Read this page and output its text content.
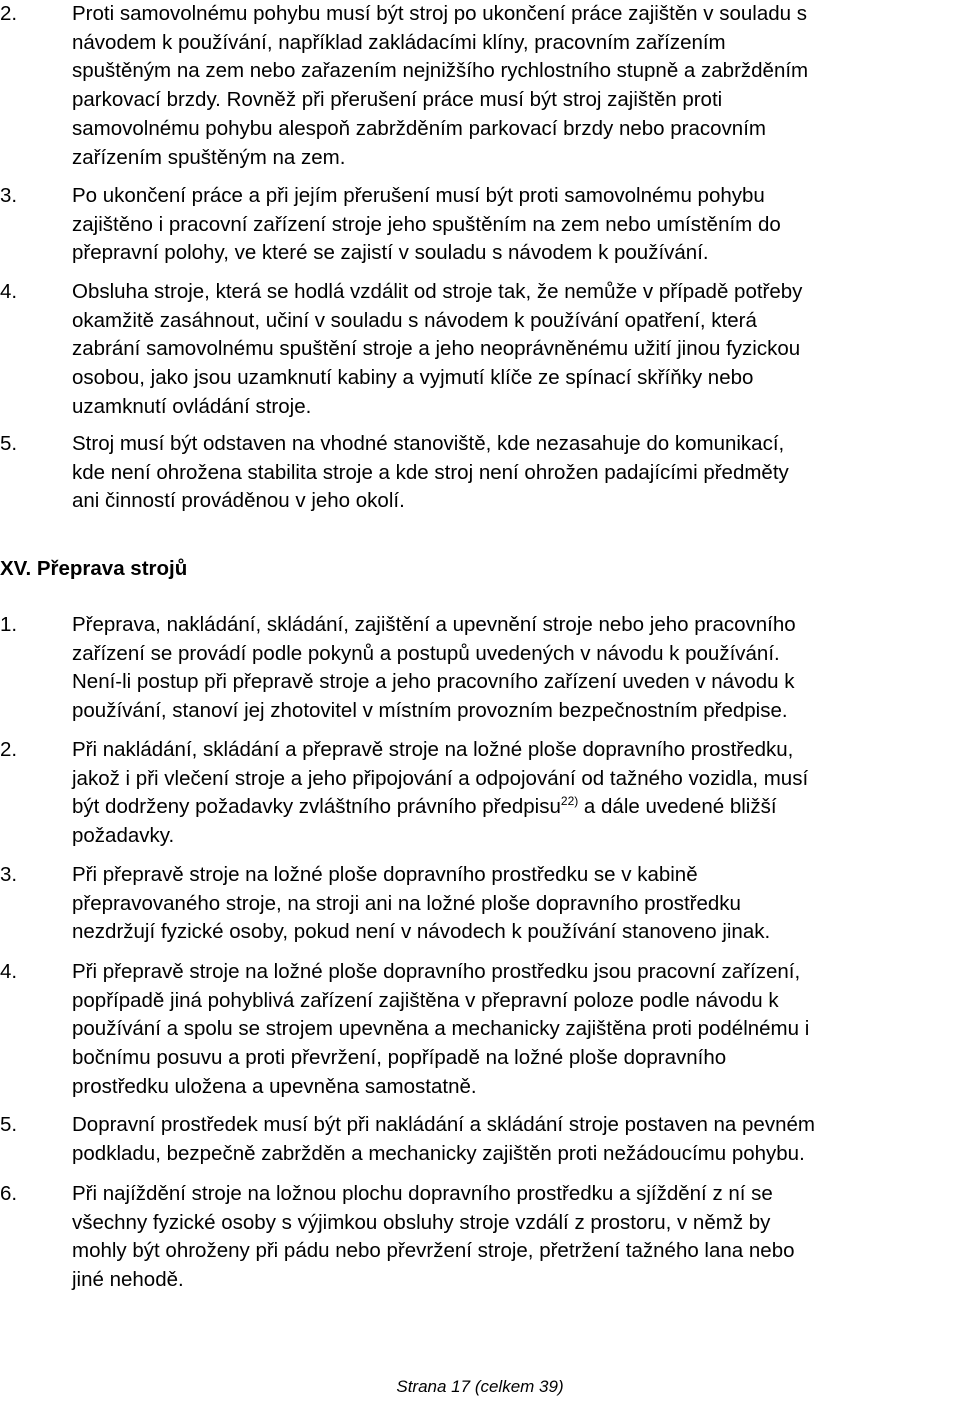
2.	Proti samovolnému pohybu musí být stroj po ukončení práce zajištěn v souladu s
návodem k používání, například zakládacími klíny, pracovním zařízením
spuštěným na zem nebo zařazením nejnižšího rychlostního stupně a zabržděním
parkovací brzdy. Rovněž při přerušení práce musí být stroj zajištěn proti
samovolnému pohybu alespoň zabržděním parkovací brzdy nebo pracovním
zařízením spuštěným na zem.

3.	Po ukončení práce a při jejím přerušení musí být proti samovolnému pohybu
zajištěno i pracovní zařízení stroje jeho spuštěním na zem nebo umístěním do
přepravní polohy, ve které se zajistí v souladu s návodem k používání.

4.	Obsluha stroje, která se hodlá vzdálit od stroje tak, že nemůže v případě potřeby
okamžitě zasáhnout, učiní v souladu s návodem k používání opatření, která
zabrání samovolnému spuštění stroje a jeho neoprávněnému užití jinou fyzickou
osobou, jako jsou uzamknutí kabiny a vyjmutí klíče ze spínací skříňky nebo
uzamknutí ovládání stroje.

5.	Stroj musí být odstaven na vhodné stanoviště, kde nezasahuje do komunikací,
kde není ohrožena stabilita stroje a kde stroj není ohrožen padajícími předměty
ani činností prováděnou v jeho okolí.

XV. Přeprava strojů
1.	Přeprava, nakládání, skládání, zajištění a upevnění stroje nebo jeho pracovního
zařízení se provádí podle pokynů a postupů uvedených v návodu k používání.
Není-li postup při přepravě stroje a jeho pracovního zařízení uveden v návodu k
používání, stanoví jej zhotovitel v místním provozním bezpečnostním předpise.

2.	Při nakládání, skládání a přepravě stroje na ložné ploše dopravního prostředku,
jakož i při vlečení stroje a jeho připojování a odpojování od tažného vozidla, musí
být dodrženy požadavky zvláštního právního předpisu$^{22)}$ a dále uvedené bližší
požadavky.

3.	Při přepravě stroje na ložné ploše dopravního prostředku se v kabině
přepravovaného stroje, na stroji ani na ložné ploše dopravního prostředku
nezdržují fyzické osoby, pokud není v návodech k používání stanoveno jinak.

4.	Při přepravě stroje na ložné ploše dopravního prostředku jsou pracovní zařízení,
popřípadě jiná pohyblivá zařízení zajištěna v přepravní poloze podle návodu k
používání a spolu se strojem upevněna a mechanicky zajištěna proti podélnému i
bočnímu posuvu a proti převržení, popřípadě na ložné ploše dopravního
prostředku uložena a upevněna samostatně.

5.	Dopravní prostředek musí být při nakládání a skládání stroje postaven na pevném
podkladu, bezpečně zabržděn a mechanicky zajištěn proti nežádoucímu pohybu.

6.	Při najíždění stroje na ložnou plochu dopravního prostředku a sjíždění z ní se
všechny fyzické osoby s výjimkou obsluhy stroje vzdálí z prostoru, v němž by
mohly být ohroženy při pádu nebo převržení stroje, přetržení tažného lana nebo
jiné nehodě.

Strana 17 (celkem 39)
